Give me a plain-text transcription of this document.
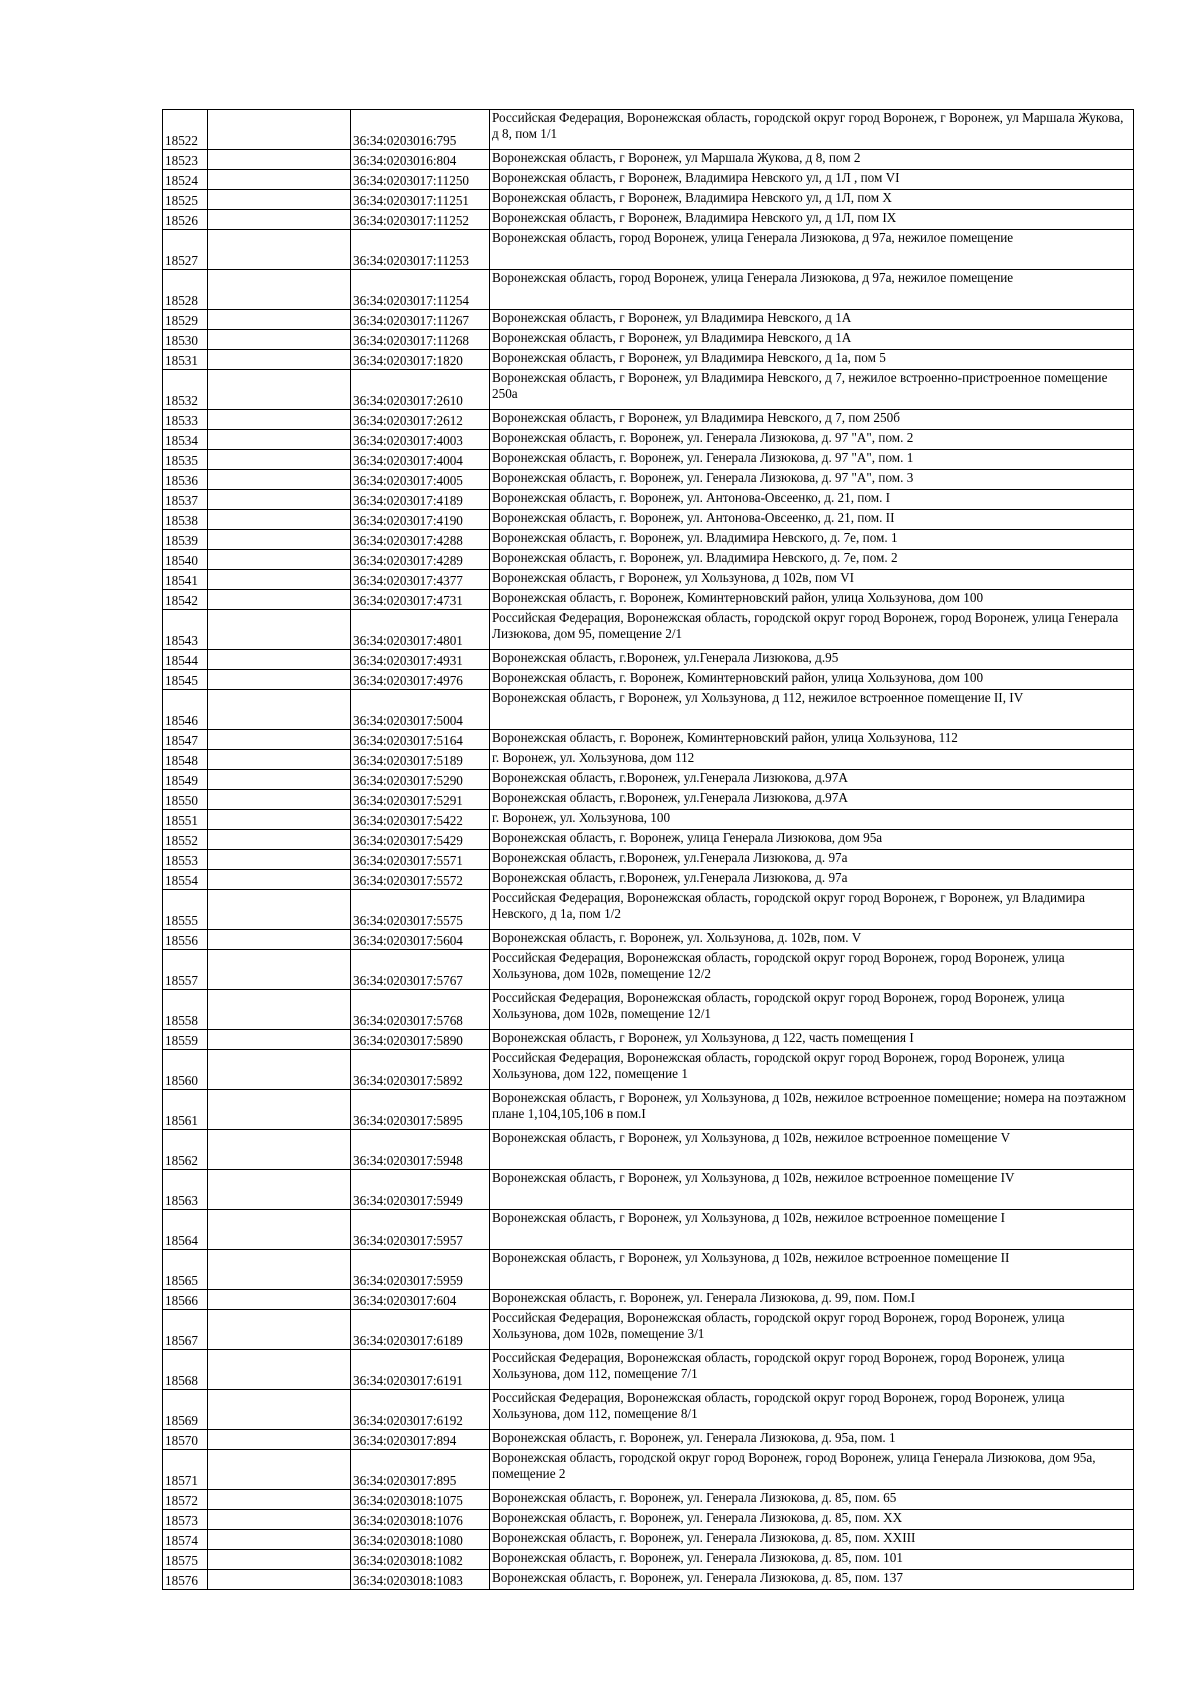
18522		36:34:0203016:795	Российская Федерация, Воронежская область, городской округ город Воронеж, г Воронеж, ул Маршала Жукова, д 8, пом 1/1
18523		36:34:0203016:804	Воронежская область, г Воронеж, ул Маршала Жукова, д 8, пом 2
18524		36:34:0203017:11250	Воронежская область, г Воронеж, Владимира Невского ул, д 1Л , пом VI
18525		36:34:0203017:11251	Воронежская область, г Воронеж, Владимира Невского ул, д 1Л, пом X
18526		36:34:0203017:11252	Воронежская область, г Воронеж, Владимира Невского ул, д 1Л, пом IX
18527		36:34:0203017:11253	Воронежская область, город Воронеж, улица Генерала Лизюкова, д 97а, нежилое помещение
18528		36:34:0203017:11254	Воронежская область, город Воронеж, улица Генерала Лизюкова, д 97а, нежилое помещение
18529		36:34:0203017:11267	Воронежская область, г Воронеж, ул Владимира Невского, д 1А
18530		36:34:0203017:11268	Воронежская область, г Воронеж, ул Владимира Невского, д 1А
18531		36:34:0203017:1820	Воронежская область, г Воронеж, ул Владимира Невского, д 1а, пом 5
18532		36:34:0203017:2610	Воронежская область, г Воронеж, ул Владимира Невского, д 7, нежилое встроенно-пристроенное помещение 250а
18533		36:34:0203017:2612	Воронежская область, г Воронеж, ул Владимира Невского, д 7, пом 250б
18534		36:34:0203017:4003	Воронежская область, г. Воронеж, ул. Генерала Лизюкова, д. 97 "А", пом. 2
18535		36:34:0203017:4004	Воронежская область, г. Воронеж, ул. Генерала Лизюкова, д. 97 "А", пом. 1
18536		36:34:0203017:4005	Воронежская область, г. Воронеж, ул. Генерала Лизюкова, д. 97 "А", пом. 3
18537		36:34:0203017:4189	Воронежская область, г. Воронеж, ул. Антонова-Овсеенко, д. 21, пом. I
18538		36:34:0203017:4190	Воронежская область, г. Воронеж, ул. Антонова-Овсеенко, д. 21, пом. II
18539		36:34:0203017:4288	Воронежская область, г. Воронеж, ул. Владимира Невского, д. 7е, пом. 1
18540		36:34:0203017:4289	Воронежская область, г. Воронеж, ул. Владимира Невского, д. 7е, пом. 2
18541		36:34:0203017:4377	Воронежская область, г Воронеж, ул Хользунова, д 102в, пом VI
18542		36:34:0203017:4731	Воронежская область, г. Воронеж, Коминтерновский район, улица Хользунова, дом 100
18543		36:34:0203017:4801	Российская Федерация, Воронежская область, городской округ город Воронеж, город Воронеж, улица Генерала Лизюкова, дом 95, помещение 2/1
18544		36:34:0203017:4931	Воронежская область, г.Воронеж, ул.Генерала Лизюкова, д.95
18545		36:34:0203017:4976	Воронежская область, г. Воронеж, Коминтерновский район, улица Хользунова, дом 100
18546		36:34:0203017:5004	Воронежская область, г Воронеж, ул Хользунова, д 112, нежилое встроенное помещение II, IV
18547		36:34:0203017:5164	Воронежская область, г. Воронеж, Коминтерновский район, улица Хользунова, 112
18548		36:34:0203017:5189	г. Воронеж, ул. Хользунова, дом 112
18549		36:34:0203017:5290	Воронежская область, г.Воронеж, ул.Генерала Лизюкова, д.97А
18550		36:34:0203017:5291	Воронежская область, г.Воронеж, ул.Генерала Лизюкова, д.97А
18551		36:34:0203017:5422	г. Воронеж, ул. Хользунова, 100
18552		36:34:0203017:5429	Воронежская область, г. Воронеж, улица Генерала Лизюкова, дом 95а
18553		36:34:0203017:5571	Воронежская область, г.Воронеж, ул.Генерала Лизюкова, д. 97а
18554		36:34:0203017:5572	Воронежская область, г.Воронеж, ул.Генерала Лизюкова, д. 97а
18555		36:34:0203017:5575	Российская Федерация, Воронежская область, городской округ город Воронеж, г Воронеж, ул Владимира Невского, д 1а, пом 1/2
18556		36:34:0203017:5604	Воронежская область, г. Воронеж, ул. Хользунова, д. 102в, пом. V
18557		36:34:0203017:5767	Российская Федерация, Воронежская область, городской округ город Воронеж, город Воронеж, улица Хользунова, дом 102в, помещение 12/2
18558		36:34:0203017:5768	Российская Федерация, Воронежская область, городской округ город Воронеж, город Воронеж, улица Хользунова, дом 102в, помещение 12/1
18559		36:34:0203017:5890	Воронежская область, г Воронеж, ул Хользунова, д 122, часть помещения I
18560		36:34:0203017:5892	Российская Федерация, Воронежская область, городской округ город Воронеж, город Воронеж, улица Хользунова, дом 122, помещение 1
18561		36:34:0203017:5895	Воронежская область, г Воронеж, ул Хользунова, д 102в, нежилое встроенное помещение; номера на поэтажном плане 1,104,105,106 в пом.I
18562		36:34:0203017:5948	Воронежская область, г Воронеж, ул Хользунова, д 102в, нежилое встроенное помещение V
18563		36:34:0203017:5949	Воронежская область, г Воронеж, ул Хользунова, д 102в, нежилое встроенное помещение IV
18564		36:34:0203017:5957	Воронежская область, г Воронеж, ул Хользунова, д 102в, нежилое встроенное помещение I
18565		36:34:0203017:5959	Воронежская область, г Воронеж, ул Хользунова, д 102в, нежилое встроенное помещение II
18566		36:34:0203017:604	Воронежская область, г. Воронеж, ул. Генерала Лизюкова, д. 99, пом. Пом.I
18567		36:34:0203017:6189	Российская Федерация, Воронежская область, городской округ город Воронеж, город Воронеж, улица Хользунова, дом 102в, помещение 3/1
18568		36:34:0203017:6191	Российская Федерация, Воронежская область, городской округ город Воронеж, город Воронеж, улица Хользунова, дом 112, помещение 7/1
18569		36:34:0203017:6192	Российская Федерация, Воронежская область, городской округ город Воронеж, город Воронеж, улица Хользунова, дом 112, помещение 8/1
18570		36:34:0203017:894	Воронежская область, г. Воронеж, ул. Генерала Лизюкова, д. 95а, пом. 1
18571		36:34:0203017:895	Воронежская область, городской округ город Воронеж, город Воронеж, улица Генерала Лизюкова, дом 95а, помещение 2
18572		36:34:0203018:1075	Воронежская область, г. Воронеж, ул. Генерала Лизюкова, д. 85, пом. 65
18573		36:34:0203018:1076	Воронежская область, г. Воронеж, ул. Генерала Лизюкова, д. 85, пом. XX
18574		36:34:0203018:1080	Воронежская область, г. Воронеж, ул. Генерала Лизюкова, д. 85, пом. XXIII
18575		36:34:0203018:1082	Воронежская область, г. Воронеж, ул. Генерала Лизюкова, д. 85, пом. 101
18576		36:34:0203018:1083	Воронежская область, г. Воронеж, ул. Генерала Лизюкова, д. 85, пом. 137
